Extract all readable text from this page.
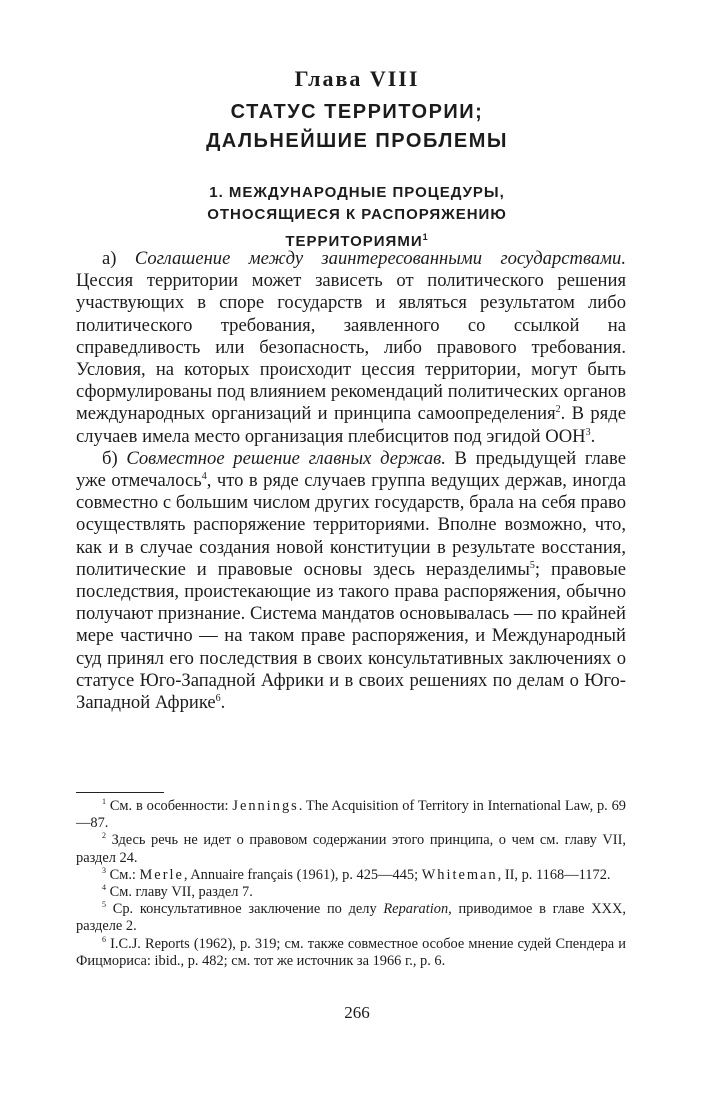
Глава VIII
СТАТУС ТЕРРИТОРИИ;
ДАЛЬНЕЙШИЕ ПРОБЛЕМЫ
1. МЕЖДУНАРОДНЫЕ ПРОЦЕДУРЫ,
ОТНОСЯЩИЕСЯ К РАСПОРЯЖЕНИЮ
ТЕРРИТОРИЯМИ$^1$

а) Соглашение между заинтересованными государствами. Цессия территории может зависеть от политического решения участвующих в споре государств и являться результатом либо политического требования, заявленного со ссылкой на справедливость или безопасность, либо правового требования. Условия, на которых происходит цессия территории, могут быть сформулированы под влиянием рекомендаций политических органов международных организаций и принципа самоопределения$^2$. В ряде случаев имела место организация плебисцитов под эгидой ООН$^3$.

б) Совместное решение главных держав. В предыдущей главе уже отмечалось$^4$, что в ряде случаев группа ведущих держав, иногда совместно с большим числом других государств, брала на себя право осуществлять распоряжение территориями. Вполне возможно, что, как и в случае создания новой конституции в результате восстания, политические и правовые основы здесь неразделимы$^5$; правовые последствия, проистекающие из такого права распоряжения, обычно получают признание. Система мандатов основывалась — по крайней мере частично — на таком праве распоряжения, и Международный суд принял его последствия в своих консультативных заключениях о статусе Юго-Западной Африки и в своих решениях по делам о Юго-Западной Африке$^6$.

$^1$ См. в особенности: Jennings. The Acquisition of Territory in International Law, p. 69—87.

$^2$ Здесь речь не идет о правовом содержании этого принципа, о чем см. главу VII, раздел 24.

$^3$ См.: Merle, Annuaire français (1961), p. 425—445; Whiteman, II, p. 1168—1172.

$^4$ См. главу VII, раздел 7.

$^5$ Ср. консультативное заключение по делу Reparation, приводимое в главе XXX, разделе 2.

$^6$ I.C.J. Reports (1962), p. 319; см. также совместное особое мнение судей Спендера и Фицмориса: ibid., p. 482; см. тот же источник за 1966 г., p. 6.

266
